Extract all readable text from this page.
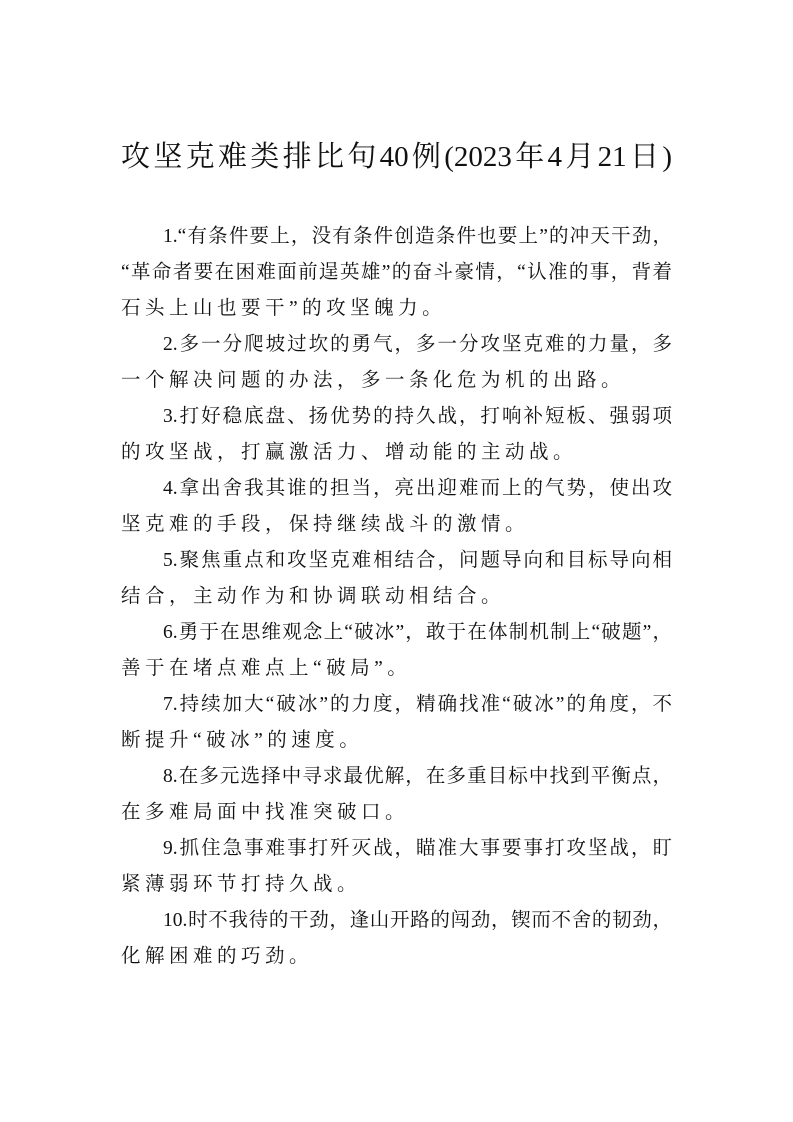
攻坚克难类排比句40例(2023年4月21日)
1.“有条件要上，没有条件创造条件也要上”的冲天干劲，
“革命者要在困难面前逞英雄”的奋斗豪情，“认准的事，背着
石头上山也要干”的攻坚魄力。
2.多一分爬坡过坎的勇气，多一分攻坚克难的力量，多
一个解决问题的办法，多一条化危为机的出路。
3.打好稳底盘、扬优势的持久战，打响补短板、强弱项
的攻坚战，打赢激活力、增动能的主动战。
4.拿出舍我其谁的担当，亮出迎难而上的气势，使出攻
坚克难的手段，保持继续战斗的激情。
5.聚焦重点和攻坚克难相结合，问题导向和目标导向相
结合，主动作为和协调联动相结合。
6.勇于在思维观念上“破冰”，敢于在体制机制上“破题”，
善于在堵点难点上“破局”。
7.持续加大“破冰”的力度，精确找准“破冰”的角度，不
断提升“破冰”的速度。
8.在多元选择中寻求最优解，在多重目标中找到平衡点，
在多难局面中找准突破口。
9.抓住急事难事打歼灭战，瞄准大事要事打攻坚战，盯
紧薄弱环节打持久战。
10.时不我待的干劲，逢山开路的闯劲，锲而不舍的韧劲，
化解困难的巧劲。
